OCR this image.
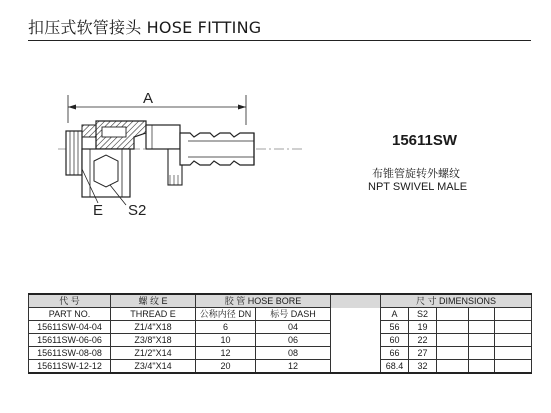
扣压式软管接头 HOSE FITTING
A
E S2
15611SW
布锥管旋转外螺纹
NPT SWIVEL MALE
代 号	螺 纹 E	胶 管 HOSE BORE			尺 寸 DIMENSIONS				
PART NO.	THREAD E	公称内径 DN	标号 DASH		A	S2			
15611SW-04-04	Z1/4"X18	6	04		56	19			
15611SW-06-06	Z3/8"X18	10	06		60	22			
15611SW-08-08	Z1/2"X14	12	08		66	27			
15611SW-12-12	Z3/4"X14	20	12		68.4	32			
